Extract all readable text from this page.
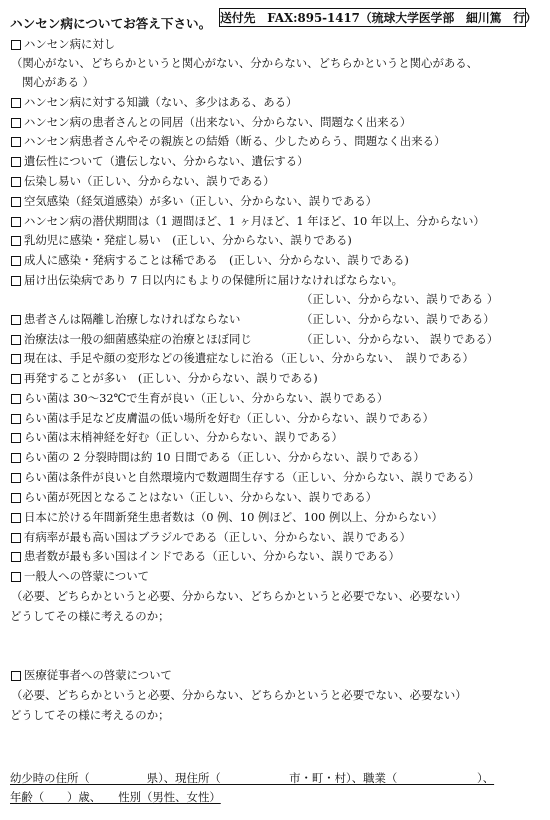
ハンセン病についてお答え下さい。 送付先　FAX:895-1417（琉球大学医学部　細川篤　行）
ハンセン病に対し
（関心がない、どちらかというと関心がない、分からない、どちらかというと関心がある、
関心がある ）
ハンセン病に対する知識（ない、多少はある、ある）
ハンセン病の患者さんとの同居（出来ない、分からない、問題なく出来る）
ハンセン病患者さんやその親族との結婚（断る、少しためらう、問題なく出来る）
遺伝性について（遺伝しない、分からない、遺伝する）
伝染し易い（正しい、分からない、誤りである）
空気感染（経気道感染）が多い（正しい、分からない、誤りである）
ハンセン病の潜伏期間は（1 週間ほど、1 ヶ月ほど、1 年ほど、10 年以上、分からない）
乳幼児に感染・発症し易い　(正しい、分からない、誤りである)
成人に感染・発病することは稀である　(正しい、分からない、誤りである)
届け出伝染病であり 7 日以内にもよりの保健所に届けなければならない。
（正しい、分からない、誤りである ）
患者さんは隔離し治療しなければならない	（正しい、分からない、誤りである）
治療法は一般の細菌感染症の治療とほぼ同じ	（正しい、分からない、 誤りである）
現在は、手足や顔の変形などの後遺症なしに治る（正しい、分からない、　誤りである）
再発することが多い　(正しい、分からない、誤りである)
らい菌は 30～32℃で生育が良い（正しい、分からない、誤りである）
らい菌は手足など皮膚温の低い場所を好む（正しい、分からない、誤りである）
らい菌は末梢神経を好む（正しい、分からない、誤りである）
らい菌の 2 分裂時間は約 10 日間である（正しい、分からない、誤りである）
らい菌は条件が良いと自然環境内で数週間生存する（正しい、分からない、誤りである）
らい菌が死因となることはない（正しい、分からない、誤りである）
日本に於ける年間新発生患者数は（0 例、10 例ほど、100 例以上、分からない）
有病率が最も高い国はブラジルである（正しい、分からない、誤りである）
患者数が最も多い国はインドである（正しい、分からない、誤りである）
一般人への啓蒙について
（必要、どちらかというと必要、分からない、どちらかというと必要でない、必要ない）
どうしてその様に考えるのか；
医療従事者への啓蒙について
（必要、どちらかというと必要、分からない、どちらかというと必要でない、必要ない）
どうしてその様に考えるのか；
幼少時の住所（　　　　　県）、現住所（　　　　　　市・町・村）、職業（　　　　　　　）、
年齢（　　）歳、　　性別（男性、女性）
